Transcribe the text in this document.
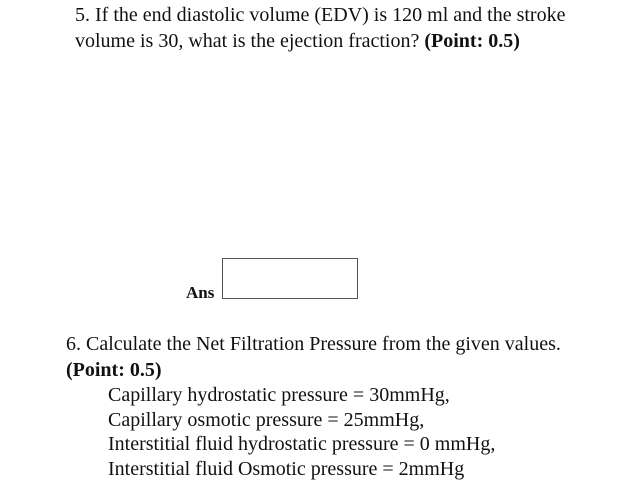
5. If the end diastolic volume (EDV) is 120 ml and the stroke volume is 30, what is the ejection fraction? (Point: 0.5)
Ans
6. Calculate the Net Filtration Pressure from the given values.
(Point: 0.5)
Capillary hydrostatic pressure = 30mmHg,
Capillary osmotic pressure = 25mmHg,
Interstitial fluid hydrostatic pressure = 0 mmHg,
Interstitial fluid Osmotic pressure = 2mmHg
